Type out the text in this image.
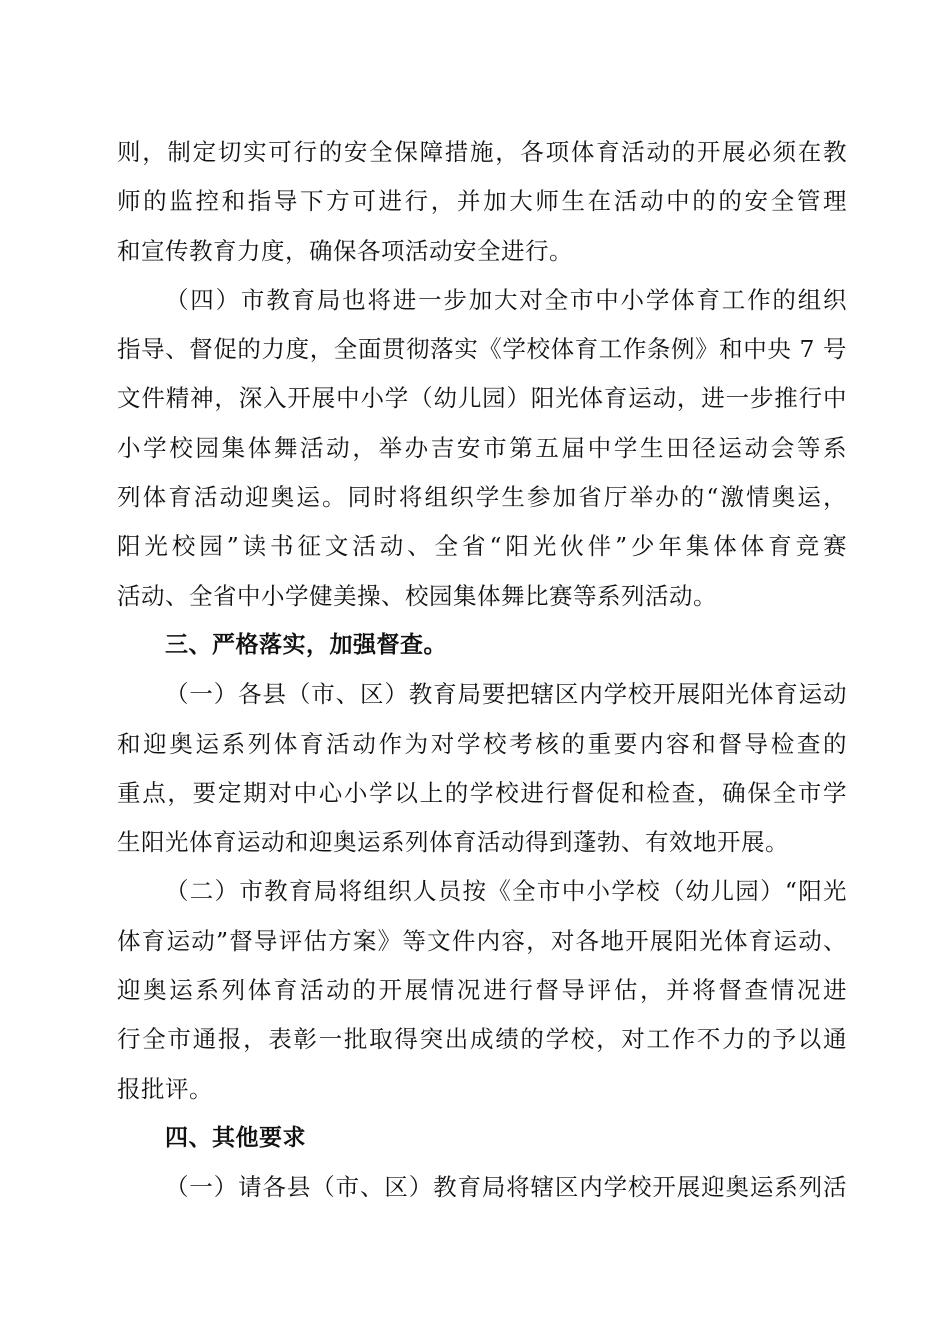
则，制定切实可行的安全保障措施，各项体育活动的开展必须在教
师的监控和指导下方可进行，并加大师生在活动中的的安全管理
和宣传教育力度，确保各项活动安全进行。
（四）市教育局也将进一步加大对全市中小学体育工作的组织
指导、督促的力度，全面贯彻落实《学校体育工作条例》和中央 7 号
文件精神，深入开展中小学（幼儿园）阳光体育运动，进一步推行中
小学校园集体舞活动，举办吉安市第五届中学生田径运动会等系
列体育活动迎奥运。同时将组织学生参加省厅举办的“激情奥运，
阳光校园”读书征文活动、全省“阳光伙伴”少年集体体育竞赛
活动、全省中小学健美操、校园集体舞比赛等系列活动。
三、严格落实，加强督查。
（一）各县（市、区）教育局要把辖区内学校开展阳光体育运动
和迎奥运系列体育活动作为对学校考核的重要内容和督导检查的
重点，要定期对中心小学以上的学校进行督促和检查，确保全市学
生阳光体育运动和迎奥运系列体育活动得到蓬勃、有效地开展。
（二）市教育局将组织人员按《全市中小学校（幼儿园）“阳光
体育运动”督导评估方案》等文件内容，对各地开展阳光体育运动、
迎奥运系列体育活动的开展情况进行督导评估，并将督查情况进
行全市通报，表彰一批取得突出成绩的学校，对工作不力的予以通
报批评。
四、其他要求
（一）请各县（市、区）教育局将辖区内学校开展迎奥运系列活
